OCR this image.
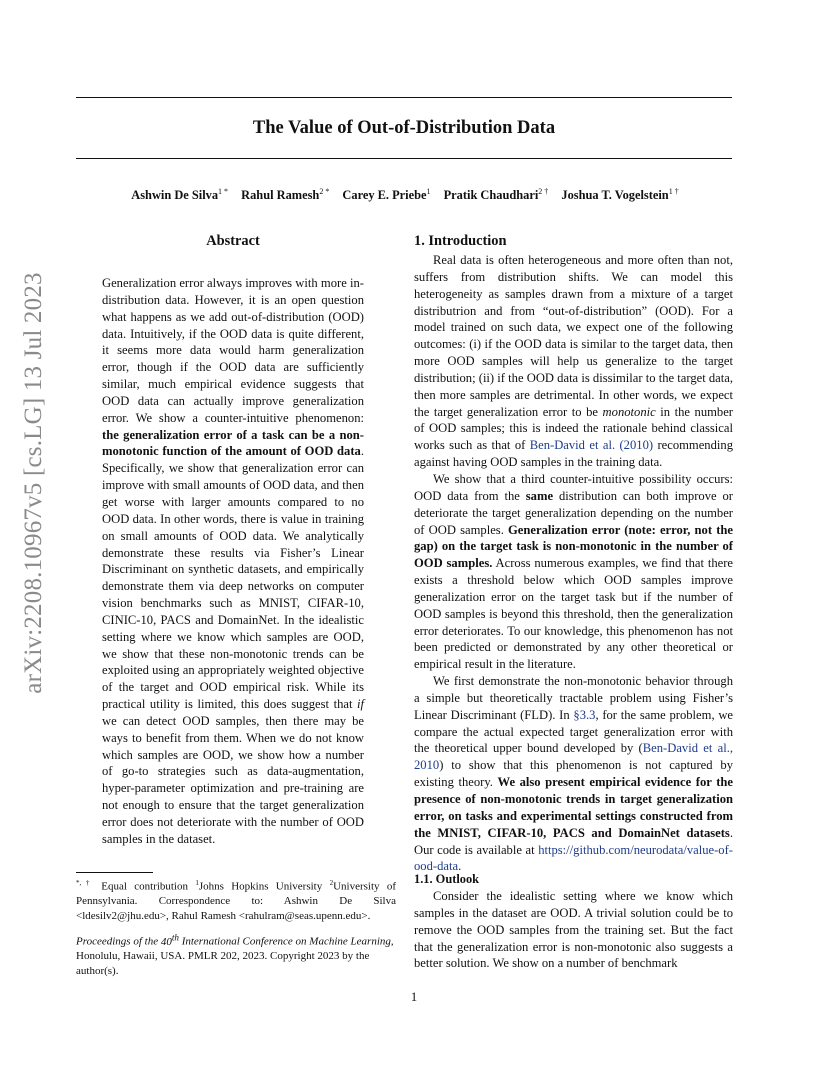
arXiv:2208.10967v5 [cs.LG] 13 Jul 2023
The Value of Out-of-Distribution Data
Ashwin De Silva$^{1 *}$ Rahul Ramesh$^{2 *}$ Carey E. Priebe$^1$ Pratik Chaudhari$^{2 \dagger}$ Joshua T. Vogelstein$^{1 \dagger}$
Abstract
Generalization error always improves with more in-distribution data. However, it is an open question what happens as we add out-of-distribution (OOD) data. Intuitively, if the OOD data is quite different, it seems more data would harm generalization error, though if the OOD data are sufficiently similar, much empirical evidence suggests that OOD data can actually improve generalization error. We show a counter-intuitive phenomenon: the generalization error of a task can be a non-monotonic function of the amount of OOD data. Specifically, we show that generalization error can improve with small amounts of OOD data, and then get worse with larger amounts compared to no OOD data. In other words, there is value in training on small amounts of OOD data. We analytically demonstrate these results via Fisher’s Linear Discriminant on synthetic datasets, and empirically demonstrate them via deep networks on computer vision benchmarks such as MNIST, CIFAR-10, CINIC-10, PACS and DomainNet. In the idealistic setting where we know which samples are OOD, we show that these non-monotonic trends can be exploited using an appropriately weighted objective of the target and OOD empirical risk. While its practical utility is limited, this does suggest that if we can detect OOD samples, then there may be ways to benefit from them. When we do not know which samples are OOD, we show how a number of go-to strategies such as data-augmentation, hyper-parameter optimization and pre-training are not enough to ensure that the target generalization error does not deteriorate with the number of OOD samples in the dataset.
*,† Equal contribution $^1$Johns Hopkins University $^2$University of Pennsylvania. Correspondence to: Ashwin De Silva <ldesilv2@jhu.edu>, Rahul Ramesh <rahulram@seas.upenn.edu>.
Proceedings of the 40th International Conference on Machine Learning, Honolulu, Hawaii, USA. PMLR 202, 2023. Copyright 2023 by the author(s).
1. Introduction

Real data is often heterogeneous and more often than not, suffers from distribution shifts. We can model this heterogeneity as samples drawn from a mixture of a target distributrion and from “out-of-distribution” (OOD). For a model trained on such data, we expect one of the following outcomes: (i) if the OOD data is similar to the target data, then more OOD samples will help us generalize to the target distribution; (ii) if the OOD data is dissimilar to the target data, then more samples are detrimental. In other words, we expect the target generalization error to be monotonic in the number of OOD samples; this is indeed the rationale behind classical works such as that of Ben-David et al. (2010) recommending against having OOD samples in the training data.

We show that a third counter-intuitive possibility occurs: OOD data from the same distribution can both improve or deteriorate the target generalization depending on the number of OOD samples. Generalization error (note: error, not the gap) on the target task is non-monotonic in the number of OOD samples. Across numerous examples, we find that there exists a threshold below which OOD samples improve generalization error on the target task but if the number of OOD samples is beyond this threshold, then the generalization error deteriorates. To our knowledge, this phenomenon has not been predicted or demonstrated by any other theoretical or empirical result in the literature.

We first demonstrate the non-monotonic behavior through a simple but theoretically tractable problem using Fisher’s Linear Discriminant (FLD). In §3.3, for the same problem, we compare the actual expected target generalization error with the theoretical upper bound developed by (Ben-David et al., 2010) to show that this phenomenon is not captured by existing theory. We also present empirical evidence for the presence of non-monotonic trends in target generalization error, on tasks and experimental settings constructed from the MNIST, CIFAR-10, PACS and DomainNet datasets. Our code is available at https://github.com/neurodata/value-of-ood-data.

1.1. Outlook

Consider the idealistic setting where we know which samples in the dataset are OOD. A trivial solution could be to remove the OOD samples from the training set. But the fact that the generalization error is non-monotonic also suggests a better solution. We show on a number of benchmark

1
